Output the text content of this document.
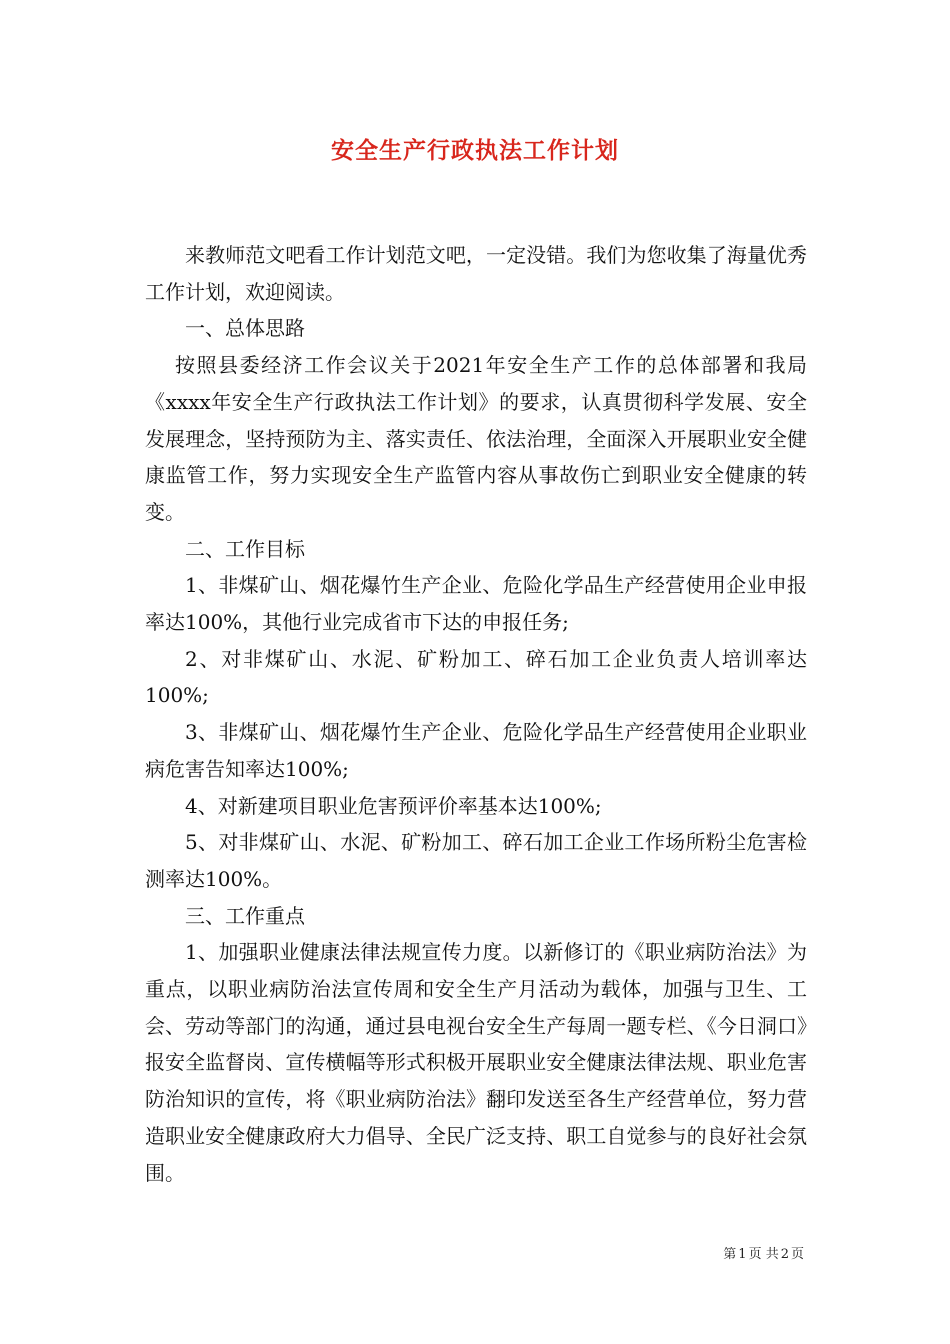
安全生产行政执法工作计划

来教师范文吧看工作计划范文吧，一定没错。我们为您收集了海量优秀工作计划，欢迎阅读。

一、总体思路

按照县委经济工作会议关于2021年安全生产工作的总体部署和我局《xxxx年安全生产行政执法工作计划》的要求，认真贯彻科学发展、安全发展理念，坚持预防为主、落实责任、依法治理，全面深入开展职业安全健康监管工作，努力实现安全生产监管内容从事故伤亡到职业安全健康的转变。

二、工作目标

1、非煤矿山、烟花爆竹生产企业、危险化学品生产经营使用企业申报率达100%，其他行业完成省市下达的申报任务;

2、对非煤矿山、水泥、矿粉加工、碎石加工企业负责人培训率达100%;

3、非煤矿山、烟花爆竹生产企业、危险化学品生产经营使用企业职业病危害告知率达100%;

4、对新建项目职业危害预评价率基本达100%;

5、对非煤矿山、水泥、矿粉加工、碎石加工企业工作场所粉尘危害检测率达100%。

三、工作重点

1、加强职业健康法律法规宣传力度。以新修订的《职业病防治法》为重点，以职业病防治法宣传周和安全生产月活动为载体，加强与卫生、工会、劳动等部门的沟通，通过县电视台安全生产每周一题专栏、《今日洞口》报安全监督岗、宣传横幅等形式积极开展职业安全健康法律法规、职业危害防治知识的宣传，将《职业病防治法》翻印发送至各生产经营单位，努力营造职业安全健康政府大力倡导、全民广泛支持、职工自觉参与的良好社会氛围。

第 1 页 共 2 页
